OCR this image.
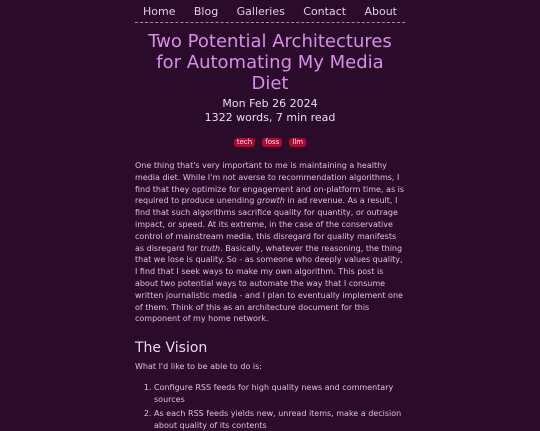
Home Blog Galleries Contact About
Two Potential Architectures for Automating My Media Diet
Mon Feb 26 2024
1322 words, 7 min read
tech foss llm

One thing that's very important to me is maintaining a healthy media diet. While I'm not averse to recommendation algorithms, I find that they optimize for engagement and on-platform time, as is required to produce unending growth in ad revenue. As a result, I find that such algorithms sacrifice quality for quantity, or outrage impact, or speed. At its extreme, in the case of the conservative control of mainstream media, this disregard for quality manifests as disregard for truth. Basically, whatever the reasoning, the thing that we lose is quality. So - as someone who deeply values quality, I find that I seek ways to make my own algorithm. This post is about two potential ways to automate the way that I consume written journalistic media - and I plan to eventually implement one of them. Think of this as an architecture document for this component of my home network.

The Vision
What I'd like to be able to do is:
1. Configure RSS feeds for high quality news and commentary sources
2. As each RSS feeds yields new, unread items, make a decision about quality of its contents
